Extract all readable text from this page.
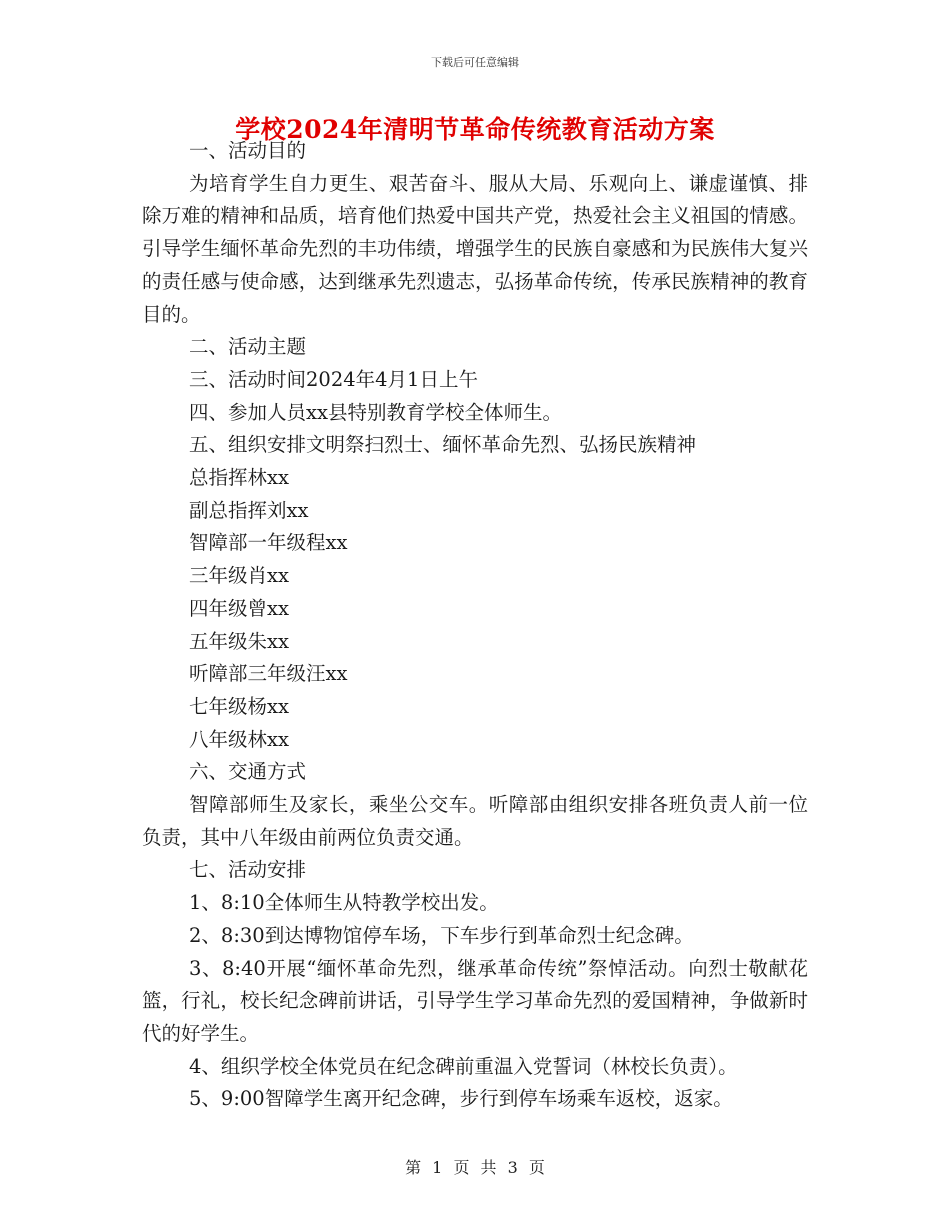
下载后可任意编辑
学校2024年清明节革命传统教育活动方案

一、活动目的

为培育学生自力更生、艰苦奋斗、服从大局、乐观向上、谦虚谨慎、排除万难的精神和品质，培育他们热爱中国共产党，热爱社会主义祖国的情感。引导学生缅怀革命先烈的丰功伟绩，增强学生的民族自豪感和为民族伟大复兴的责任感与使命感，达到继承先烈遗志，弘扬革命传统，传承民族精神的教育目的。

二、活动主题

三、活动时间2024年4月1日上午

四、参加人员xx县特别教育学校全体师生。

五、组织安排文明祭扫烈士、缅怀革命先烈、弘扬民族精神

总指挥林xx

副总指挥刘xx

智障部一年级程xx

三年级肖xx

四年级曾xx

五年级朱xx

听障部三年级汪xx

七年级杨xx

八年级林xx

六、交通方式

智障部师生及家长，乘坐公交车。听障部由组织安排各班负责人前一位负责，其中八年级由前两位负责交通。

七、活动安排

1、8:10全体师生从特教学校出发。

2、8:30到达博物馆停车场，下车步行到革命烈士纪念碑。

3、8:40开展“缅怀革命先烈，继承革命传统”祭悼活动。向烈士敬献花篮，行礼，校长纪念碑前讲话，引导学生学习革命先烈的爱国精神，争做新时代的好学生。

4、组织学校全体党员在纪念碑前重温入党誓词（林校长负责）。

5、9:00智障学生离开纪念碑，步行到停车场乘车返校，返家。

第 1 页 共 3 页
